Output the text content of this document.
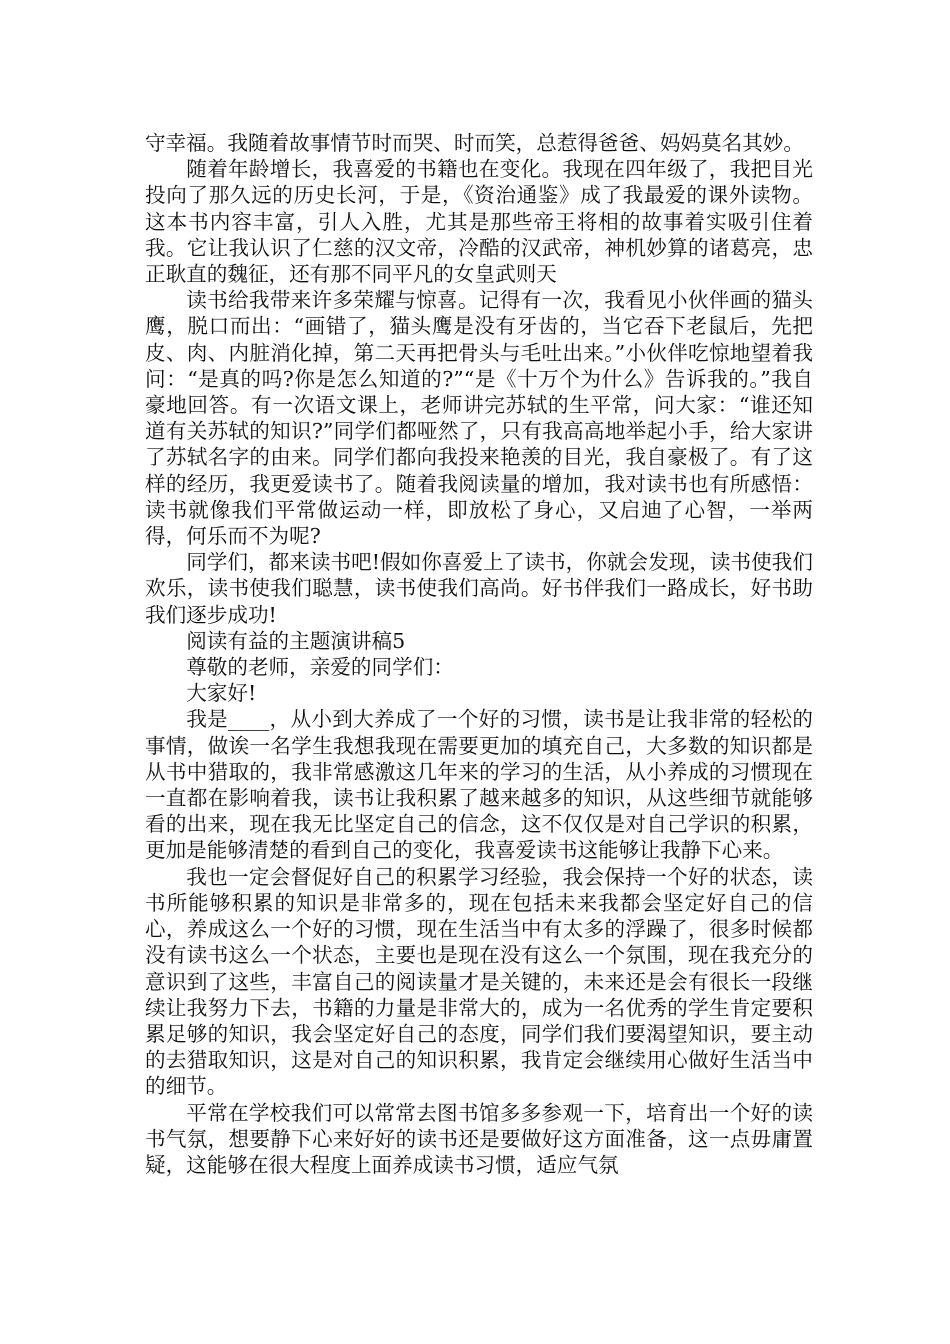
守幸福。我随着故事情节时而哭、时而笑，总惹得爸爸、妈妈莫名其妙。

随着年龄增长，我喜爱的书籍也在变化。我现在四年级了，我把目光投向了那久远的历史长河，于是，《资治通鉴》成了我最爱的课外读物。这本书内容丰富，引人入胜，尤其是那些帝王将相的故事着实吸引住着我。它让我认识了仁慈的汉文帝，冷酷的汉武帝，神机妙算的诸葛亮，忠正耿直的魏征，还有那不同平凡的女皇武则天

读书给我带来许多荣耀与惊喜。记得有一次，我看见小伙伴画的猫头鹰，脱口而出：“画错了，猫头鹰是没有牙齿的，当它吞下老鼠后，先把皮、肉、内脏消化掉，第二天再把骨头与毛吐出来。”小伙伴吃惊地望着我问：“是真的吗?你是怎么知道的?”“是《十万个为什么》告诉我的。”我自豪地回答。有一次语文课上，老师讲完苏轼的生平常，问大家：“谁还知道有关苏轼的知识?”同学们都哑然了，只有我高高地举起小手，给大家讲了苏轼名字的由来。同学们都向我投来艳羡的目光，我自豪极了。有了这样的经历，我更爱读书了。随着我阅读量的增加，我对读书也有所感悟：读书就像我们平常做运动一样，即放松了身心，又启迪了心智，一举两得，何乐而不为呢?

同学们，都来读书吧!假如你喜爱上了读书，你就会发现，读书使我们欢乐，读书使我们聪慧，读书使我们高尚。好书伴我们一路成长，好书助我们逐步成功!

阅读有益的主题演讲稿5

尊敬的老师，亲爱的同学们：

大家好!

我是____，从小到大养成了一个好的习惯，读书是让我非常的轻松的事情，做诶一名学生我想我现在需要更加的填充自己，大多数的知识都是从书中猎取的，我非常感激这几年来的学习的生活，从小养成的习惯现在一直都在影响着我，读书让我积累了越来越多的知识，从这些细节就能够看的出来，现在我无比坚定自己的信念，这不仅仅是对自己学识的积累，更加是能够清楚的看到自己的变化，我喜爱读书这能够让我静下心来。

我也一定会督促好自己的积累学习经验，我会保持一个好的状态，读书所能够积累的知识是非常多的，现在包括未来我都会坚定好自己的信心，养成这么一个好的习惯，现在生活当中有太多的浮躁了，很多时候都没有读书这么一个状态，主要也是现在没有这么一个氛围，现在我充分的意识到了这些，丰富自己的阅读量才是关键的，未来还是会有很长一段继续让我努力下去，书籍的力量是非常大的，成为一名优秀的学生肯定要积累足够的知识，我会坚定好自己的态度，同学们我们要渴望知识，要主动的去猎取知识，这是对自己的知识积累，我肯定会继续用心做好生活当中的细节。

平常在学校我们可以常常去图书馆多多参观一下，培育出一个好的读书气氛，想要静下心来好好的读书还是要做好这方面准备，这一点毋庸置疑，这能够在很大程度上面养成读书习惯，适应气氛
